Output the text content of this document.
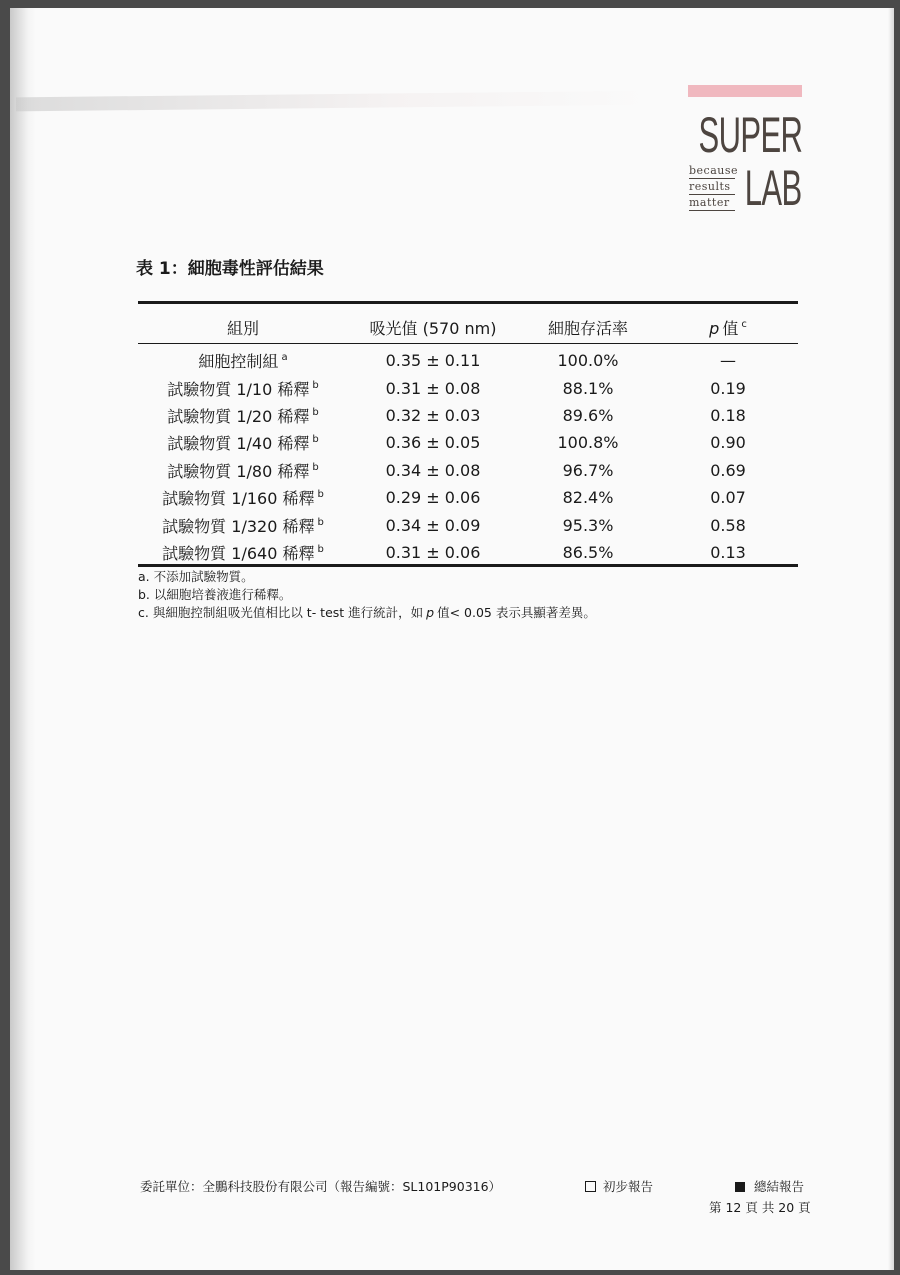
SUPER
because
results
matter LAB
表 1：細胞毒性評估結果
組別	吸光值 (570 nm)	細胞存活率	p 值 $^c$
細胞控制組 $^a$	0.35 ± 0.11	100.0%	—
試驗物質 1/10 稀釋 $^b$	0.31 ± 0.08	88.1%	0.19
試驗物質 1/20 稀釋 $^b$	0.32 ± 0.03	89.6%	0.18
試驗物質 1/40 稀釋 $^b$	0.36 ± 0.05	100.8%	0.90
試驗物質 1/80 稀釋 $^b$	0.34 ± 0.08	96.7%	0.69
試驗物質 1/160 稀釋 $^b$	0.29 ± 0.06	82.4%	0.07
試驗物質 1/320 稀釋 $^b$	0.34 ± 0.09	95.3%	0.58
試驗物質 1/640 稀釋 $^b$	0.31 ± 0.06	86.5%	0.13
a. 不添加試驗物質。
b. 以細胞培養液進行稀釋。
c. 與細胞控制組吸光值相比以 t- test 進行統計，如 p 值< 0.05 表示具顯著差異。
委託單位：全鵬科技股份有限公司（報告編號：SL101P90316）	初步報告	總結報告
第 12 頁 共 20 頁
